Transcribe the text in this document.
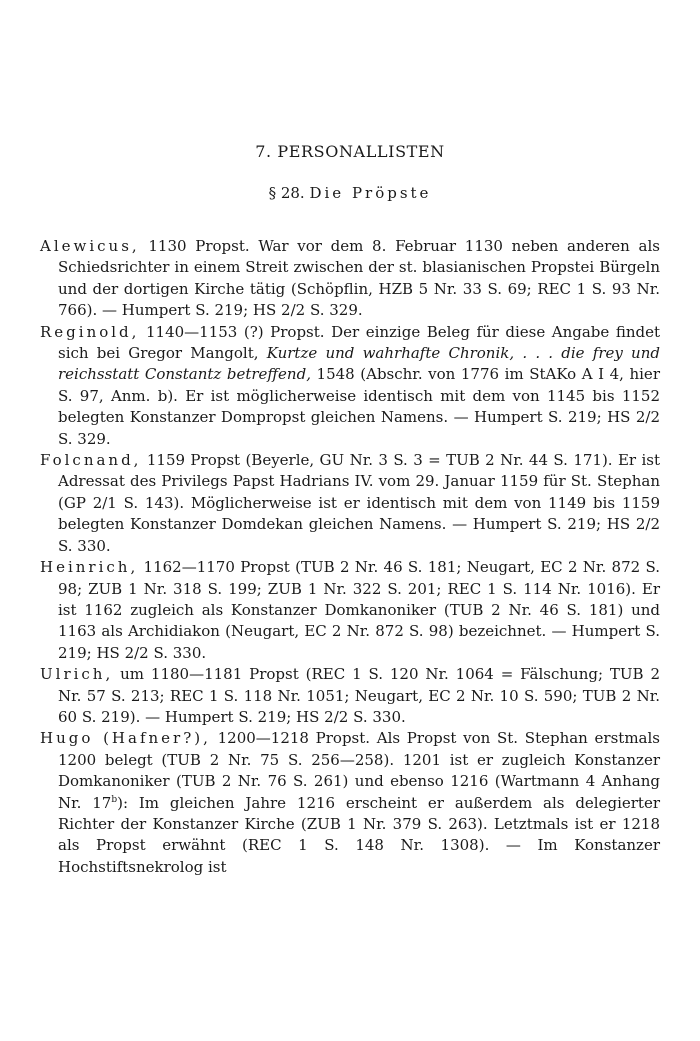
7. PERSONALLISTEN
§ 28. Die Pröpste

Alewicus, 1130 Propst. War vor dem 8. Februar 1130 neben anderen als Schiedsrichter in einem Streit zwischen der st. blasianischen Propstei Bürgeln und der dortigen Kirche tätig (Schöpflin, HZB 5 Nr. 33 S. 69; REC 1 S. 93 Nr. 766). — Humpert S. 219; HS 2/2 S. 329.

Reginold, 1140—1153 (?) Propst. Der einzige Beleg für diese Angabe findet sich bei Gregor Mangolt, Kurtze und wahrhafte Chronik, . . . die frey und reichsstatt Constantz betreffend, 1548 (Abschr. von 1776 im StAKo A I 4, hier S. 97, Anm. b). Er ist möglicherweise identisch mit dem von 1145 bis 1152 belegten Konstanzer Dompropst gleichen Namens. — Humpert S. 219; HS 2/2 S. 329.

Folcnand, 1159 Propst (Beyerle, GU Nr. 3 S. 3 = TUB 2 Nr. 44 S. 171). Er ist Adressat des Privilegs Papst Hadrians IV. vom 29. Januar 1159 für St. Stephan (GP 2/1 S. 143). Möglicherweise ist er identisch mit dem von 1149 bis 1159 belegten Konstanzer Domdekan gleichen Namens. — Humpert S. 219; HS 2/2 S. 330.

Heinrich, 1162—1170 Propst (TUB 2 Nr. 46 S. 181; Neugart, EC 2 Nr. 872 S. 98; ZUB 1 Nr. 318 S. 199; ZUB 1 Nr. 322 S. 201; REC 1 S. 114 Nr. 1016). Er ist 1162 zugleich als Konstanzer Domkanoniker (TUB 2 Nr. 46 S. 181) und 1163 als Archidiakon (Neugart, EC 2 Nr. 872 S. 98) bezeichnet. — Humpert S. 219; HS 2/2 S. 330.

Ulrich, um 1180—1181 Propst (REC 1 S. 120 Nr. 1064 = Fälschung; TUB 2 Nr. 57 S. 213; REC 1 S. 118 Nr. 1051; Neugart, EC 2 Nr. 10 S. 590; TUB 2 Nr. 60 S. 219). — Humpert S. 219; HS 2/2 S. 330.

Hugo (Hafner?), 1200—1218 Propst. Als Propst von St. Stephan erstmals 1200 belegt (TUB 2 Nr. 75 S. 256—258). 1201 ist er zugleich Konstanzer Domkanoniker (TUB 2 Nr. 76 S. 261) und ebenso 1216 (Wartmann 4 Anhang Nr. 17$^b$): Im gleichen Jahre 1216 erscheint er außerdem als delegierter Richter der Konstanzer Kirche (ZUB 1 Nr. 379 S. 263). Letztmals ist er 1218 als Propst erwähnt (REC 1 S. 148 Nr. 1308). — Im Konstanzer Hochstiftsnekrolog ist
